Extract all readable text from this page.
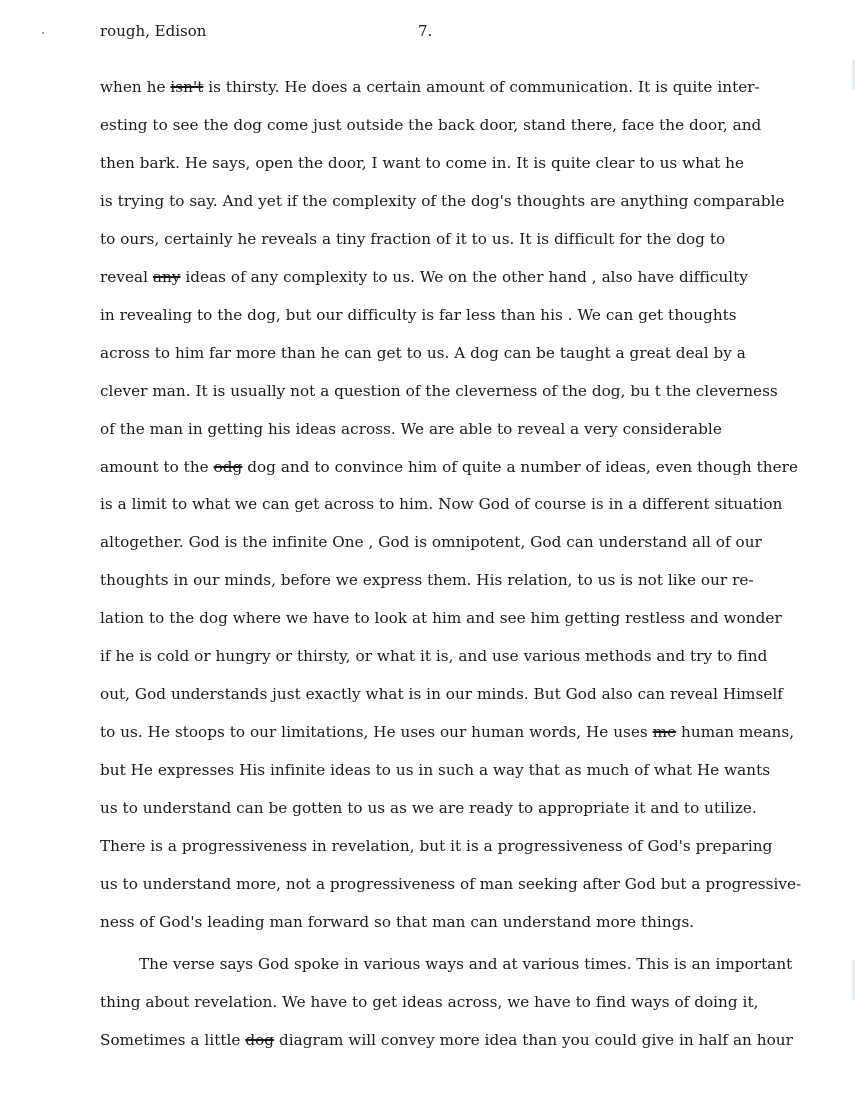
rough, Edison	7.
when he isn't is thirsty. He does a certain amount of communication. It is quite inter-
esting to see the dog come just outside the back door, stand there, face the door, and
then bark. He says, open the door, I want to come in. It is quite clear to us what he
is trying to say. And yet if the complexity of the dog's thoughts are anything comparable
to ours, certainly he reveals a tiny fraction of it to us. It is difficult for the dog to
reveal any ideas of any complexity to us. We on the other hand , also have difficulty
in revealing to the dog, but our difficulty is far less than his . We can get thoughts
across to him far more than he can get to us. A dog can be taught a great deal by a
clever man. It is usually not a question of the cleverness of the dog, bu t the cleverness
of the man in getting his ideas across. We are able to reveal a very considerable
amount to the odg dog and to convince him of quite a number of ideas, even though there
is a limit to what we can get across to him. Now God of course is in a different situation
altogether. God is the infinite One , God is omnipotent, God can understand all of our
thoughts in our minds, before we express them. His relation, to us is not like our re-
lation to the dog where we have to look at him and see him getting restless and wonder
if he is cold or hungry or thirsty, or what it is, and use various methods and try to find
out, God understands just exactly what is in our minds. But God also can reveal Himself
to us. He stoops to our limitations, He uses our human words, He uses me human means,
but He expresses His infinite ideas to us in such a way that as much of what He wants
us to understand can be gotten to us as we are ready to appropriate it and to utilize.
There is a progressiveness in revelation, but it is a progressiveness of God's preparing
us to understand more, not a progressiveness of man seeking after God but a progressive-
ness of God's leading man forward so that man can understand more things.
The verse says God spoke in various ways and at various times. This is an important
thing about revelation. We have to get ideas across, we have to find ways of doing it,
Sometimes a little dog diagram will convey more idea than you could give in half an hour
